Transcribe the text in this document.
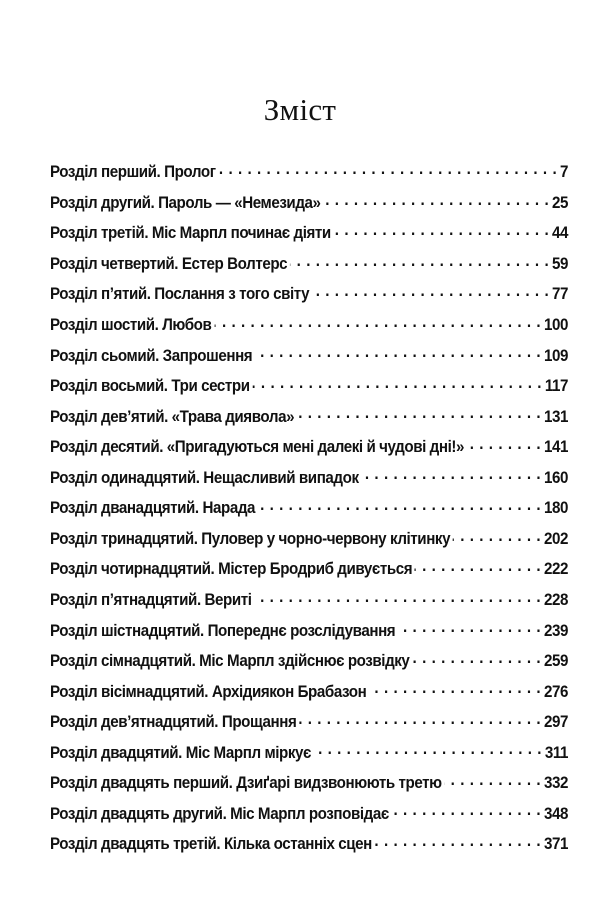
Зміст
Розділ перший. Пролог . . .	7
Розділ другий. Пароль — «Немезида» . . .	25
Розділ третій. Міс Марпл починає діяти . . .	44
Розділ четвертий. Естер Волтерс . . .	59
Розділ п’ятий. Послання з того світу . . .	77
Розділ шостий. Любов . . .	100
Розділ сьомий. Запрошення . . .	109
Розділ восьмий. Три сестри . . .	117
Розділ дев’ятий. «Трава диявола» . . .	131
Розділ десятий. «Пригадуються мені далекі й чудові дні!» . . .	141
Розділ одинадцятий. Нещасливий випадок . . .	160
Розділ дванадцятий. Нарада . . .	180
Розділ тринадцятий. Пуловер у чорно-червону клітинку . . .	202
Розділ чотирнадцятий. Містер Бродриб дивується . . .	222
Розділ п’ятнадцятий. Вериті . . .	228
Розділ шістнадцятий. Попереднє розслідування . . .	239
Розділ сімнадцятий. Міс Марпл здійснює розвідку . . .	259
Розділ вісімнадцятий. Архідиякон Брабазон . . .	276
Розділ дев’ятнадцятий. Прощання . . .	297
Розділ двадцятий. Міс Марпл міркує . . .	311
Розділ двадцять перший. Дзиґарі видзвонюють третю . . .	332
Розділ двадцять другий. Міс Марпл розповідає . . .	348
Розділ двадцять третій. Кілька останніх сцен . . .	371
